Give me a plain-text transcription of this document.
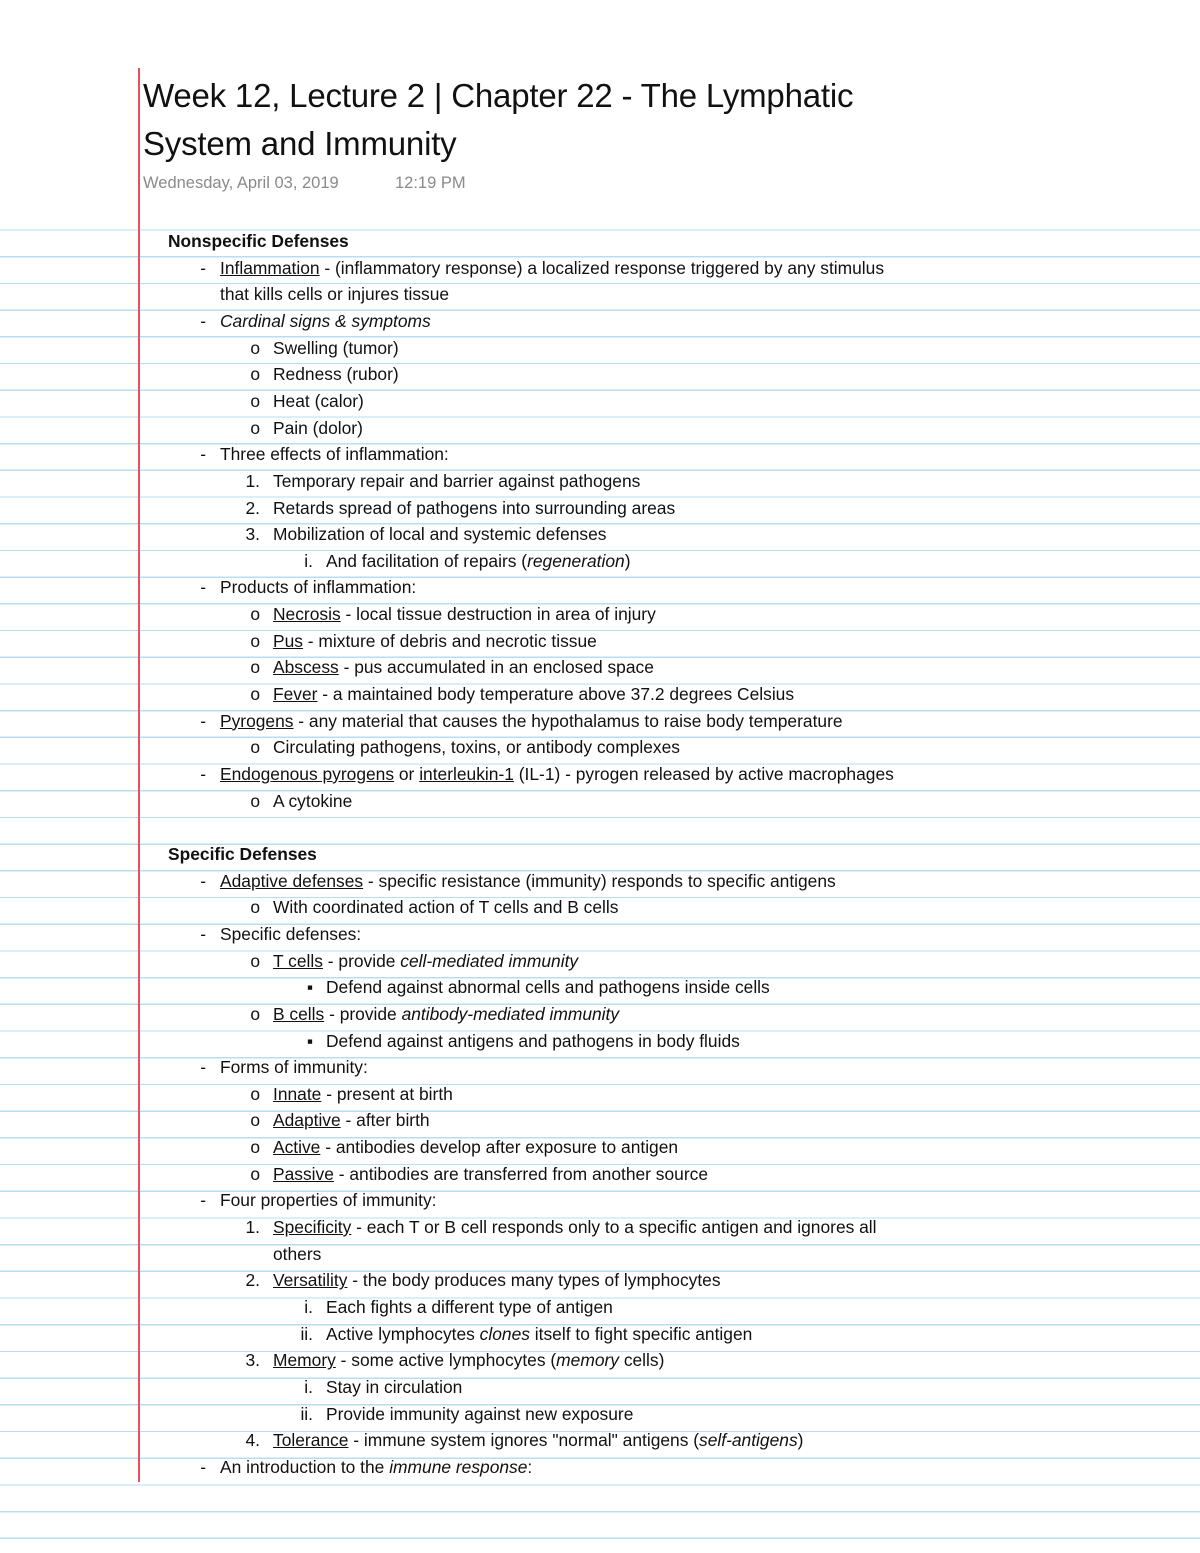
Week 12, Lecture 2 | Chapter 22 - The Lymphatic
System and Immunity
Wednesday, April 03, 2019	12:19 PM
Nonspecific Defenses
- Inflammation - (inflammatory response) a localized response triggered by any stimulus
that kills cells or injures tissue
- Cardinal signs & symptoms
o Swelling (tumor)
o Redness (rubor)
o Heat (calor)
o Pain (dolor)
- Three effects of inflammation:
1. Temporary repair and barrier against pathogens
2. Retards spread of pathogens into surrounding areas
3. Mobilization of local and systemic defenses
i. And facilitation of repairs (regeneration)
- Products of inflammation:
o Necrosis - local tissue destruction in area of injury
o Pus - mixture of debris and necrotic tissue
o Abscess - pus accumulated in an enclosed space
o Fever - a maintained body temperature above 37.2 degrees Celsius
- Pyrogens - any material that causes the hypothalamus to raise body temperature
o Circulating pathogens, toxins, or antibody complexes
- Endogenous pyrogens or interleukin-1 (IL-1) - pyrogen released by active macrophages
o A cytokine
Specific Defenses
- Adaptive defenses - specific resistance (immunity) responds to specific antigens
o With coordinated action of T cells and B cells
- Specific defenses:
o T cells - provide cell-mediated immunity
▪ Defend against abnormal cells and pathogens inside cells
o B cells - provide antibody-mediated immunity
▪ Defend against antigens and pathogens in body fluids
- Forms of immunity:
o Innate - present at birth
o Adaptive - after birth
o Active - antibodies develop after exposure to antigen
o Passive - antibodies are transferred from another source
- Four properties of immunity:
1. Specificity - each T or B cell responds only to a specific antigen and ignores all
others
2. Versatility - the body produces many types of lymphocytes
i. Each fights a different type of antigen
ii. Active lymphocytes clones itself to fight specific antigen
3. Memory - some active lymphocytes (memory cells)
i. Stay in circulation
ii. Provide immunity against new exposure
4. Tolerance - immune system ignores "normal" antigens (self-antigens)
- An introduction to the immune response:
